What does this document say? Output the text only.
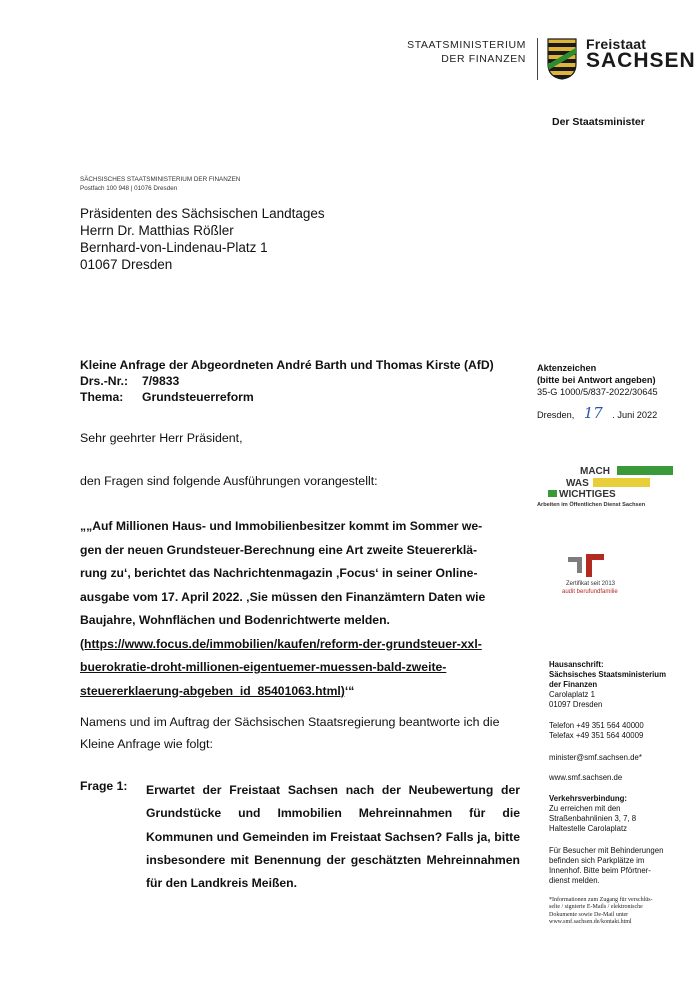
STAATSMINISTERIUM
DER FINANZEN
Freistaat
SACHSEN
Der Staatsminister
SÄCHSISCHES STAATSMINISTERIUM DER FINANZEN
Postfach 100 948 | 01076 Dresden
Präsidenten des Sächsischen Landtages
Herrn Dr. Matthias Rößler
Bernhard-von-Lindenau-Platz 1
01067 Dresden
Kleine Anfrage der Abgeordneten André Barth und Thomas Kirste (AfD)
Drs.-Nr.: 7/9833
Thema: Grundsteuerreform
Aktenzeichen
(bitte bei Antwort angeben)
35-G 1000/5/837-2022/30645
Dresden, 17 . Juni 2022
Sehr geehrter Herr Präsident,
den Fragen sind folgende Ausführungen vorangestellt:
„„Auf Millionen Haus- und Immobilienbesitzer kommt im Sommer we-
gen der neuen Grundsteuer-Berechnung eine Art zweite Steuererklä-
rung zu‘, berichtet das Nachrichtenmagazin ‚Focus‘ in seiner Online-
ausgabe vom 17. April 2022. ‚Sie müssen den Finanzämtern Daten wie
Baujahre, Wohnflächen und Bodenrichtwerte melden.
(https://www.focus.de/immobilien/kaufen/reform-der-grundsteuer-xxl-
buerokratie-droht-millionen-eigentuemer-muessen-bald-zweite-
steuererklaerung-abgeben_id_85401063.html)‘“
Namens und im Auftrag der Sächsischen Staatsregierung beantworte ich die
Kleine Anfrage wie folgt:
Frage 1: Erwartet der Freistaat Sachsen nach der Neubewertung der Grundstücke und Immobilien Mehreinnahmen für die Kommunen und Gemeinden im Freistaat Sachsen? Falls ja, bitte insbesondere mit Benennung der geschätzten Mehreinnahmen für den Landkreis Meißen.
MACH
WAS
WICHTIGES
Arbeiten im Öffentlichen Dienst Sachsen
Zertifikat seit 2013
audit berufundfamilie
Hausanschrift:
Sächsisches Staatsministerium
der Finanzen
Carolaplatz 1
01097 Dresden
Telefon +49 351 564 40000
Telefax +49 351 564 40009
minister@smf.sachsen.de*
www.smf.sachsen.de
Verkehrsverbindung:
Zu erreichen mit den
Straßenbahnlinien 3, 7, 8
Haltestelle Carolaplatz
Für Besucher mit Behinderungen
befinden sich Parkplätze im
Innenhof. Bitte beim Pförtner-
dienst melden.
*Informationen zum Zugang für verschlüs-
selte / signierte E-Mails / elektronische
Dokumente sowie De-Mail unter
www.smf.sachsen.de/kontakt.html
